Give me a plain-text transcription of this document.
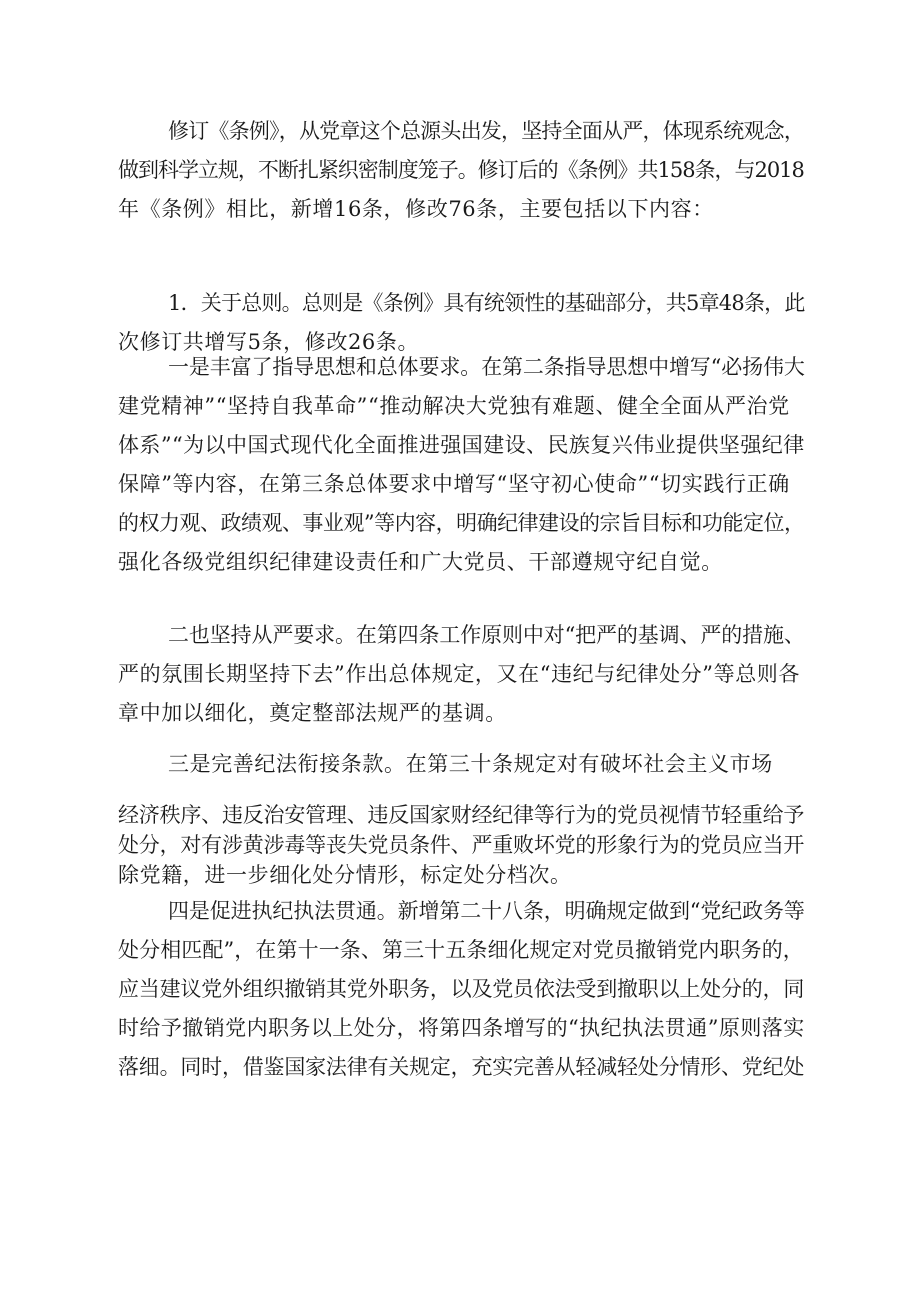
修订《条例》，从党章这个总源头出发，坚持全面从严，体现系统观念，
做到科学立规，不断扎紧织密制度笼子。修订后的《条例》共158条，与2018
年《条例》相比，新增16条，修改76条，主要包括以下内容：
1．关于总则。总则是《条例》具有统领性的基础部分，共5章48条，此
次修订共增写5条，修改26条。
一是丰富了指导思想和总体要求。在第二条指导思想中增写“必扬伟大
建党精神”“坚持自我革命”“推动解决大党独有难题、健全全面从严治党
体系”“为以中国式现代化全面推进强国建设、民族复兴伟业提供坚强纪律
保障”等内容，在第三条总体要求中增写“坚守初心使命”“切实践行正确
的权力观、政绩观、事业观”等内容，明确纪律建设的宗旨目标和功能定位，
强化各级党组织纪律建设责任和广大党员、干部遵规守纪自觉。
二也坚持从严要求。在第四条工作原则中对“把严的基调、严的措施、
严的氛围长期坚持下去”作出总体规定，又在“违纪与纪律处分”等总则各
章中加以细化，奠定整部法规严的基调。
三是完善纪法衔接条款。在第三十条规定对有破坏社会主义市场
经济秩序、违反治安管理、违反国家财经纪律等行为的党员视情节轻重给予
处分，对有涉黄涉毒等丧失党员条件、严重败坏党的形象行为的党员应当开
除党籍，进一步细化处分情形，标定处分档次。
四是促进执纪执法贯通。新增第二十八条，明确规定做到“党纪政务等
处分相匹配”，在第十一条、第三十五条细化规定对党员撤销党内职务的，
应当建议党外组织撤销其党外职务，以及党员依法受到撤职以上处分的，同
时给予撤销党内职务以上处分，将第四条增写的“执纪执法贯通”原则落实
落细。同时，借鉴国家法律有关规定，充实完善从轻减轻处分情形、党纪处
